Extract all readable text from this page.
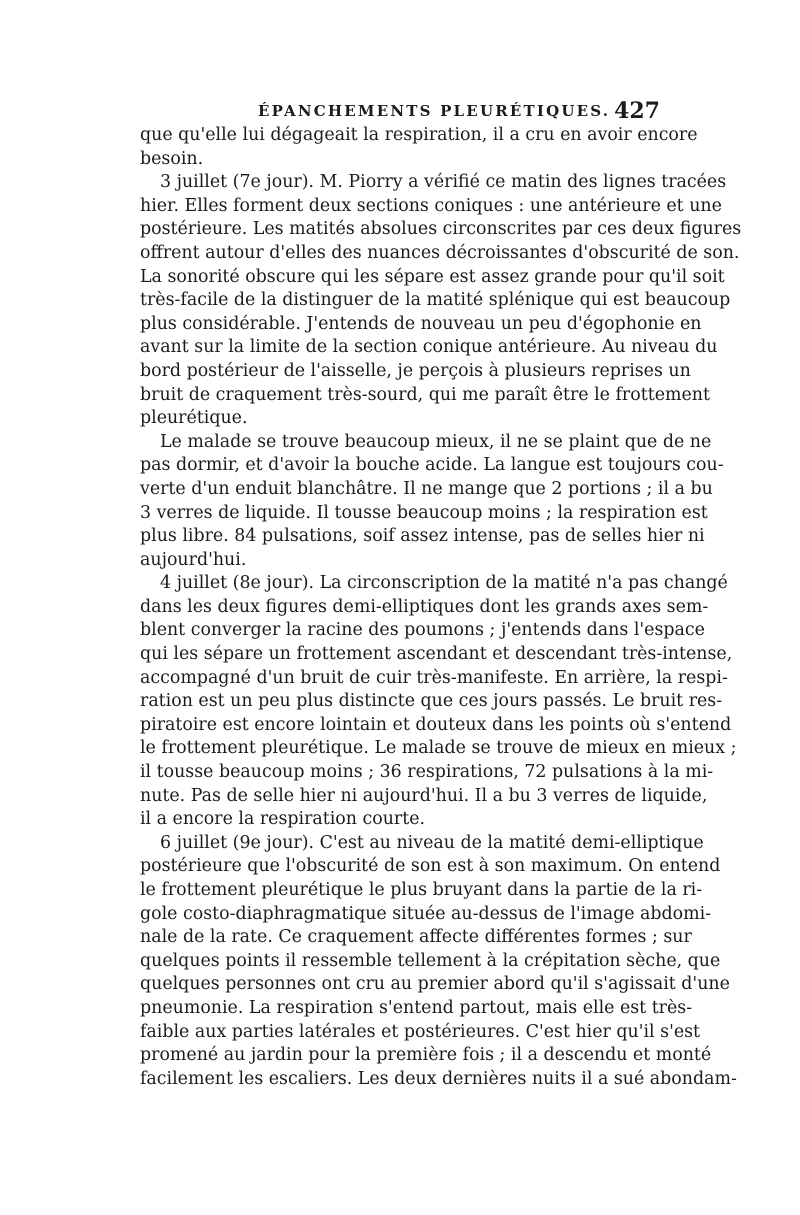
ÉPANCHEMENTS PLEURÉTIQUES. 427
que qu'elle lui dégageait la respiration, il a cru en avoir encore
besoin.
3 juillet (7e jour). M. Piorry a vérifié ce matin des lignes tracées
hier. Elles forment deux sections coniques : une antérieure et une
postérieure. Les matités absolues circonscrites par ces deux figures
offrent autour d'elles des nuances décroissantes d'obscurité de son.
La sonorité obscure qui les sépare est assez grande pour qu'il soit
très-facile de la distinguer de la matité splénique qui est beaucoup
plus considérable. J'entends de nouveau un peu d'égophonie en
avant sur la limite de la section conique antérieure. Au niveau du
bord postérieur de l'aisselle, je perçois à plusieurs reprises un
bruit de craquement très-sourd, qui me paraît être le frottement
pleurétique.
Le malade se trouve beaucoup mieux, il ne se plaint que de ne
pas dormir, et d'avoir la bouche acide. La langue est toujours cou-
verte d'un enduit blanchâtre. Il ne mange que 2 portions ; il a bu
3 verres de liquide. Il tousse beaucoup moins ; la respiration est
plus libre. 84 pulsations, soif assez intense, pas de selles hier ni
aujourd'hui.
4 juillet (8e jour). La circonscription de la matité n'a pas changé
dans les deux figures demi-elliptiques dont les grands axes sem-
blent converger la racine des poumons ; j'entends dans l'espace
qui les sépare un frottement ascendant et descendant très-intense,
accompagné d'un bruit de cuir très-manifeste. En arrière, la respi-
ration est un peu plus distincte que ces jours passés. Le bruit res-
piratoire est encore lointain et douteux dans les points où s'entend
le frottement pleurétique. Le malade se trouve de mieux en mieux ;
il tousse beaucoup moins ; 36 respirations, 72 pulsations à la mi-
nute. Pas de selle hier ni aujourd'hui. Il a bu 3 verres de liquide,
il a encore la respiration courte.
6 juillet (9e jour). C'est au niveau de la matité demi-elliptique
postérieure que l'obscurité de son est à son maximum. On entend
le frottement pleurétique le plus bruyant dans la partie de la ri-
gole costo-diaphragmatique située au-dessus de l'image abdomi-
nale de la rate. Ce craquement affecte différentes formes ; sur
quelques points il ressemble tellement à la crépitation sèche, que
quelques personnes ont cru au premier abord qu'il s'agissait d'une
pneumonie. La respiration s'entend partout, mais elle est très-
faible aux parties latérales et postérieures. C'est hier qu'il s'est
promené au jardin pour la première fois ; il a descendu et monté
facilement les escaliers. Les deux dernières nuits il a sué abondam-
